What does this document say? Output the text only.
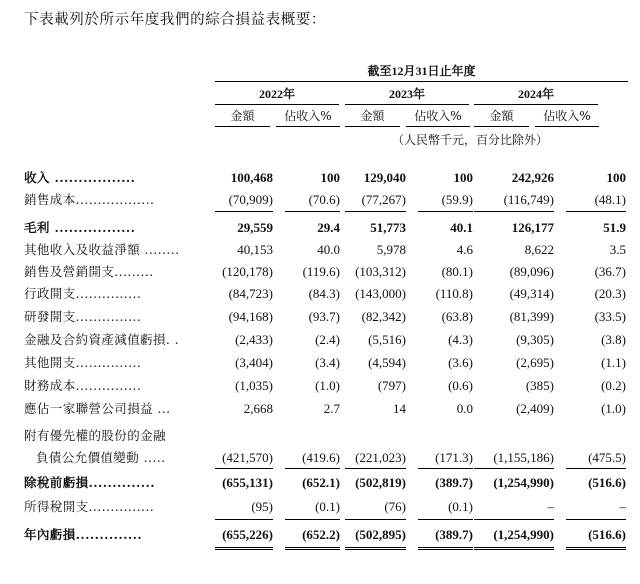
下表載列於所示年度我們的綜合損益表概要：
截至12月31日止年度
2022年	2023年	2024年
金額	佔收入%	金額	佔收入%	金額	佔收入%
（人民幣千元，百分比除外）
收入 .................	100,468	100	129,040	100	242,926	100
銷售成本..................	(70,909)	(70.6)	(77,267)	(59.9)	(116,749)	(48.1)
毛利 .................	29,559	29.4	51,773	40.1	126,177	51.9
其他收入及收益淨額 ........	40,153	40.0	5,978	4.6	8,622	3.5
銷售及營銷開支.........	(120,178)	(119.6)	(103,312)	(80.1)	(89,096)	(36.7)
行政開支...............	(84,723)	(84.3)	(143,000)	(110.8)	(49,314)	(20.3)
研發開支...............	(94,168)	(93.7)	(82,342)	(63.8)	(81,399)	(33.5)
金融及合約資產減值虧損. .	(2,433)	(2.4)	(5,516)	(4.3)	(9,305)	(3.8)
其他開支...............	(3,404)	(3.4)	(4,594)	(3.6)	(2,695)	(1.1)
財務成本...............	(1,035)	(1.0)	(797)	(0.6)	(385)	(0.2)
應佔一家聯營公司損益 ...	2,668	2.7	14	0.0	(2,409)	(1.0)
附有優先權的股份的金融
負債公允價值變動 .....	(421,570)	(419.6)	(221,023)	(171.3)	(1,155,186)	(475.5)
除稅前虧損..............	(655,131)	(652.1)	(502,819)	(389.7)	(1,254,990)	(516.6)
所得稅開支...............	(95)	(0.1)	(76)	(0.1)	–	–
年內虧損..............	(655,226)	(652.2)	(502,895)	(389.7)	(1,254,990)	(516.6)
